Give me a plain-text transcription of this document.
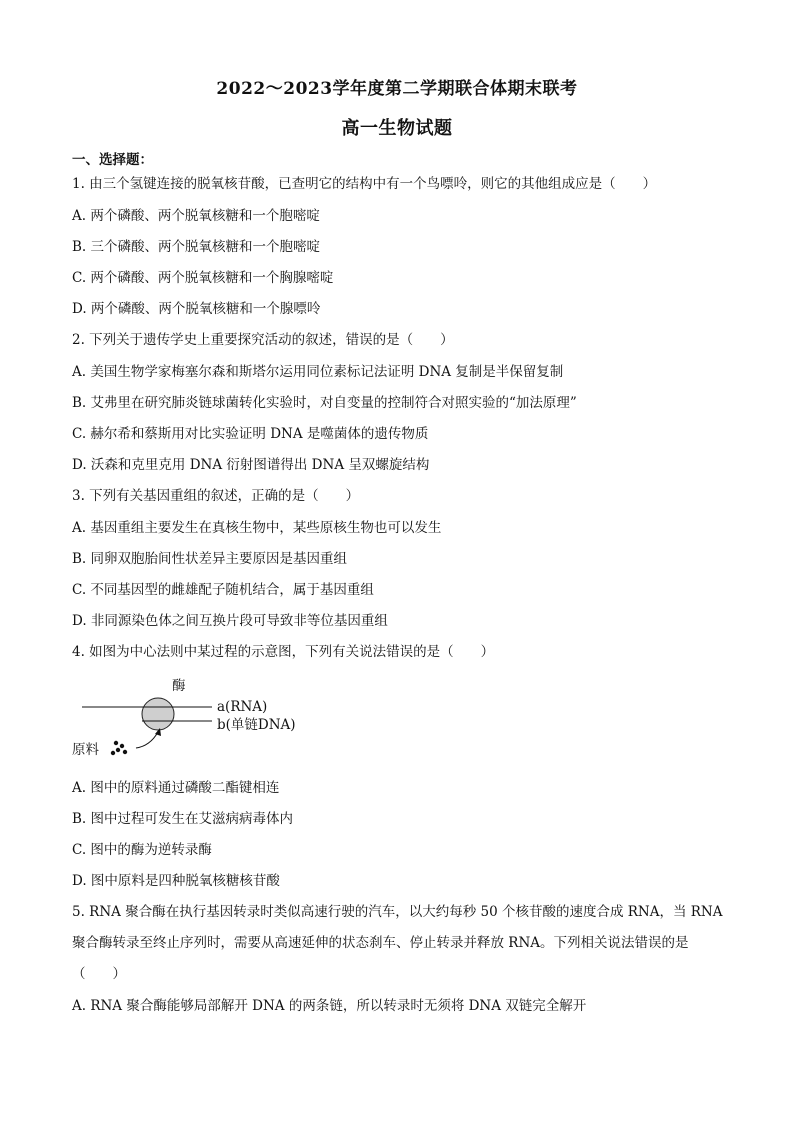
2022～2023学年度第二学期联合体期末联考
高一生物试题
一、选择题：
1. 由三个氢键连接的脱氧核苷酸，已查明它的结构中有一个鸟嘌呤，则它的其他组成应是（　　）
A. 两个磷酸、两个脱氧核糖和一个胞嘧啶
B. 三个磷酸、两个脱氧核糖和一个胞嘧啶
C. 两个磷酸、两个脱氧核糖和一个胸腺嘧啶
D. 两个磷酸、两个脱氧核糖和一个腺嘌呤
2. 下列关于遗传学史上重要探究活动的叙述，错误的是（　　）
A. 美国生物学家梅塞尔森和斯塔尔运用同位素标记法证明 DNA 复制是半保留复制
B. 艾弗里在研究肺炎链球菌转化实验时，对自变量的控制符合对照实验的“加法原理”
C. 赫尔希和蔡斯用对比实验证明 DNA 是噬菌体的遗传物质
D. 沃森和克里克用 DNA 衍射图谱得出 DNA 呈双螺旋结构
3. 下列有关基因重组的叙述，正确的是（　　）
A. 基因重组主要发生在真核生物中，某些原核生物也可以发生
B. 同卵双胞胎间性状差异主要原因是基因重组
C. 不同基因型的雌雄配子随机结合，属于基因重组
D. 非同源染色体之间互换片段可导致非等位基因重组
4. 如图为中心法则中某过程的示意图，下列有关说法错误的是（　　）
酶
a(RNA)
b(单链DNA)
原料
A. 图中的原料通过磷酸二酯键相连
B. 图中过程可发生在艾滋病病毒体内
C. 图中的酶为逆转录酶
D. 图中原料是四种脱氧核糖核苷酸
5. RNA 聚合酶在执行基因转录时类似高速行驶的汽车，以大约每秒 50 个核苷酸的速度合成 RNA，当 RNA
聚合酶转录至终止序列时，需要从高速延伸的状态刹车、停止转录并释放 RNA。下列相关说法错误的是
（　　）
A. RNA 聚合酶能够局部解开 DNA 的两条链，所以转录时无须将 DNA 双链完全解开
